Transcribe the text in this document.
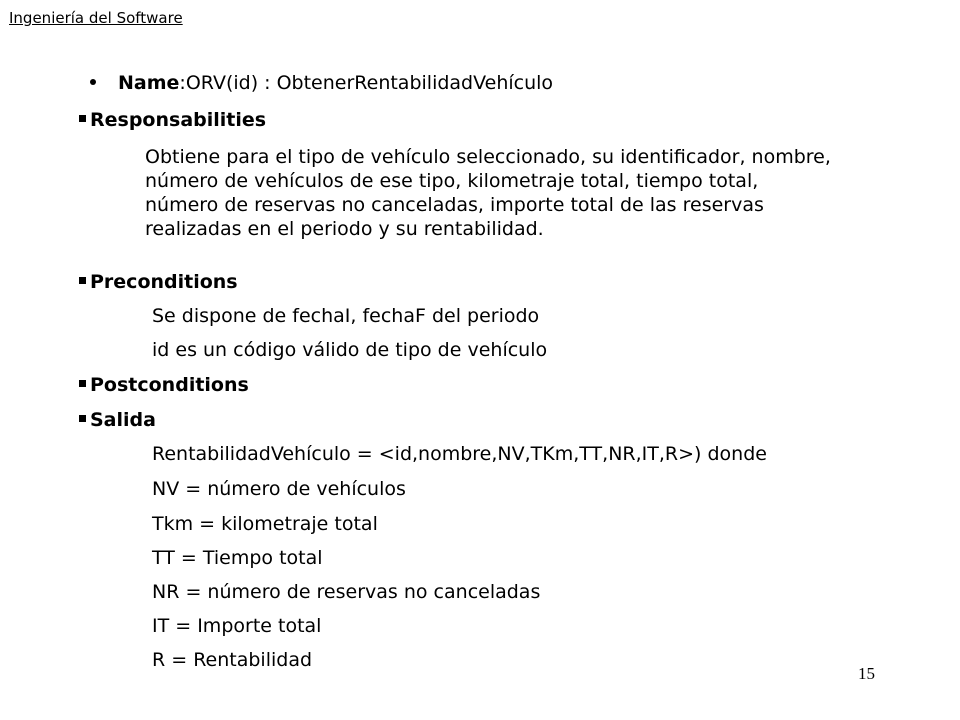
Ingeniería del Software
Name:ORV(id) : ObtenerRentabilidadVehículo
Responsabilities
Obtiene para el tipo de vehículo seleccionado, su identificador, nombre,
número de vehículos de ese tipo, kilometraje total, tiempo total,
número de reservas no canceladas, importe total de las reservas
realizadas en el periodo y su rentabilidad.
Preconditions
Se dispone de fechaI, fechaF del periodo
id es un código válido de tipo de vehículo
Postconditions
Salida
RentabilidadVehículo = <id,nombre,NV,TKm,TT,NR,IT,R>) donde
NV = número de vehículos
Tkm = kilometraje total
TT = Tiempo total
NR = número de reservas no canceladas
IT = Importe total
R = Rentabilidad
15
